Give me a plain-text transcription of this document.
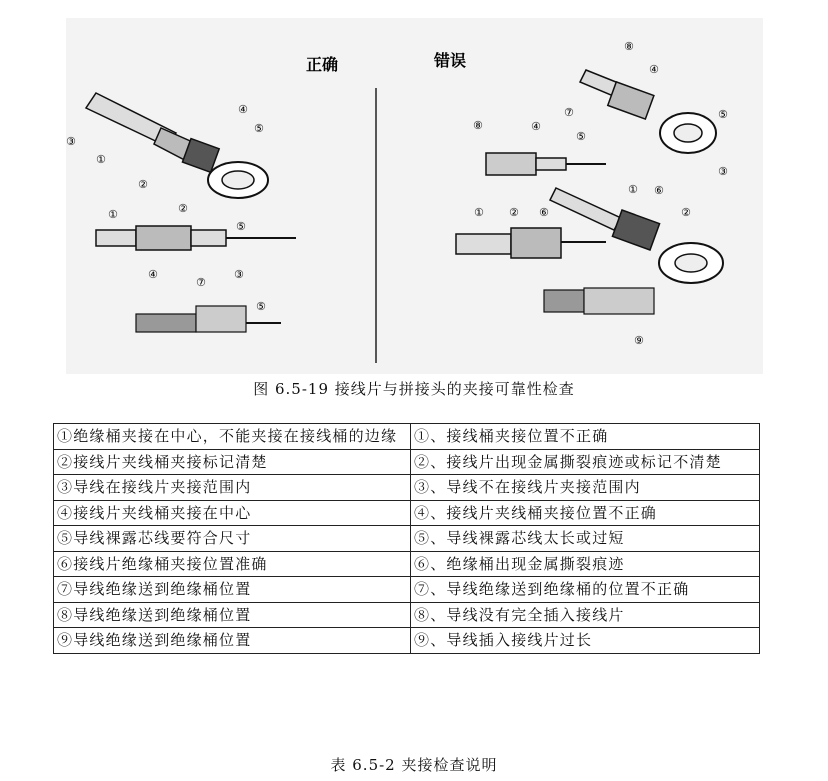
正确	错误
③
④
⑤
①
②
①	②
⑤
④	③
⑦
⑤
⑧
④
⑦	⑤
③
⑧	④
⑤
① ⑥
②
① ② ⑥
⑨
图 6.5-19 接线片与拼接头的夹接可靠性检查
①绝缘桶夹接在中心，不能夹接在接线桶的边缘	①、接线桶夹接位置不正确
②接线片夹线桶夹接标记清楚	②、接线片出现金属撕裂痕迹或标记不清楚
③导线在接线片夹接范围内	③、导线不在接线片夹接范围内
④接线片夹线桶夹接在中心	④、接线片夹线桶夹接位置不正确
⑤导线裸露芯线要符合尺寸	⑤、导线裸露芯线太长或过短
⑥接线片绝缘桶夹接位置准确	⑥、绝缘桶出现金属撕裂痕迹
⑦导线绝缘送到绝缘桶位置	⑦、导线绝缘送到绝缘桶的位置不正确
⑧导线绝缘送到绝缘桶位置	⑧、导线没有完全插入接线片
⑨导线绝缘送到绝缘桶位置	⑨、导线插入接线片过长
表 6.5-2 夹接检查说明
